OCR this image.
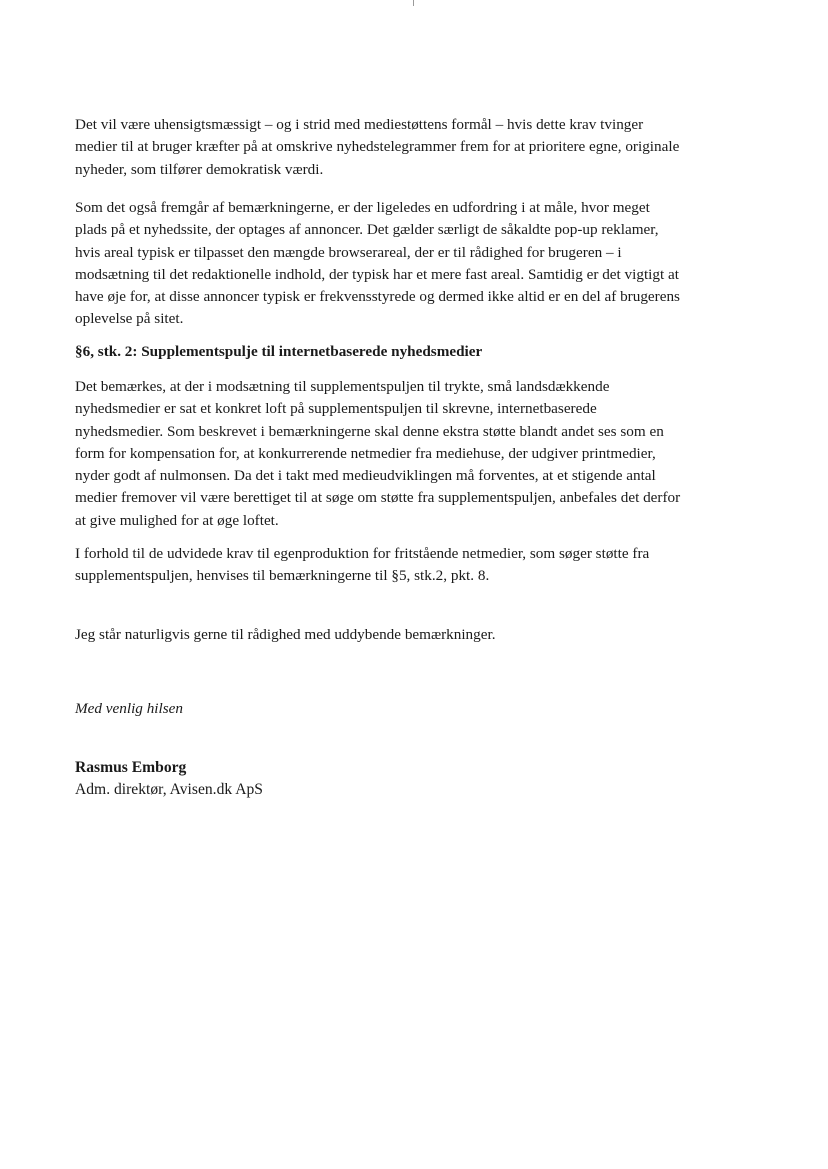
Det vil være uhensigtsmæssigt – og i strid med mediestøttens formål – hvis dette krav tvinger
medier til at bruger kræfter på at omskrive nyhedstelegrammer frem for at prioritere egne, originale
nyheder, som tilfører demokratisk værdi.

Som det også fremgår af bemærkningerne, er der ligeledes en udfordring i at måle, hvor meget
plads på et nyhedssite, der optages af annoncer. Det gælder særligt de såkaldte pop-up reklamer,
hvis areal typisk er tilpasset den mængde browserareal, der er til rådighed for brugeren – i
modsætning til det redaktionelle indhold, der typisk har et mere fast areal. Samtidig er det vigtigt at
have øje for, at disse annoncer typisk er frekvensstyrede og dermed ikke altid er en del af brugerens
oplevelse på sitet.

§6, stk. 2: Supplementspulje til internetbaserede nyhedsmedier

Det bemærkes, at der i modsætning til supplementspuljen til trykte, små landsdækkende
nyhedsmedier er sat et konkret loft på supplementspuljen til skrevne, internetbaserede
nyhedsmedier. Som beskrevet i bemærkningerne skal denne ekstra støtte blandt andet ses som en
form for kompensation for, at konkurrerende netmedier fra mediehuse, der udgiver printmedier,
nyder godt af nulmonsen. Da det i takt med medieudviklingen må forventes, at et stigende antal
medier fremover vil være berettiget til at søge om støtte fra supplementspuljen, anbefales det derfor
at give mulighed for at øge loftet.

I forhold til de udvidede krav til egenproduktion for fritstående netmedier, som søger støtte fra
supplementspuljen, henvises til bemærkningerne til §5, stk.2, pkt. 8.

Jeg står naturligvis gerne til rådighed med uddybende bemærkninger.

Med venlig hilsen

Rasmus Emborg
Adm. direktør, Avisen.dk ApS
